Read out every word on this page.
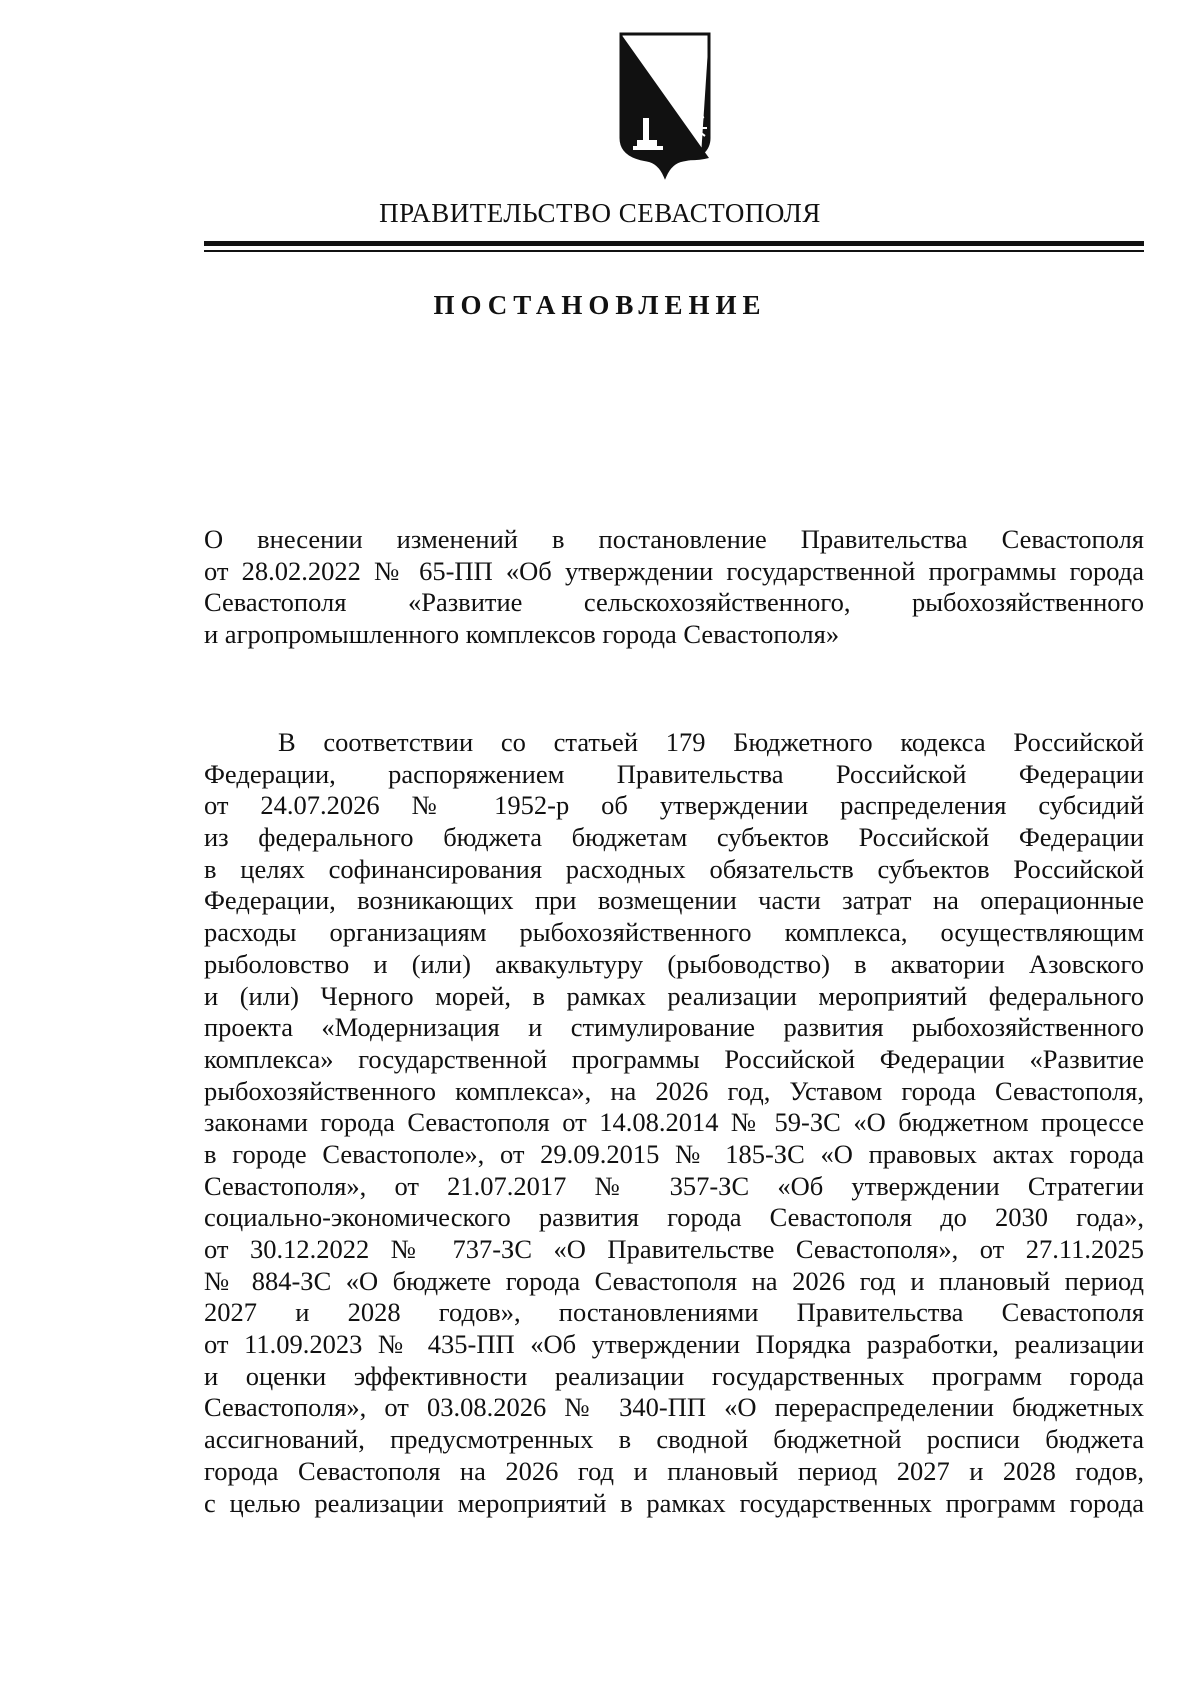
ПРАВИТЕЛЬСТВО СЕВАСТОПОЛЯ
ПОСТАНОВЛЕНИЕ
О внесении изменений в постановление Правительства Севастополя
от 28.02.2022 № 65-ПП «Об утверждении государственной программы города
Севастополя «Развитие сельскохозяйственного, рыбохозяйственного
и агропромышленного комплексов города Севастополя»
В соответствии со статьей 179 Бюджетного кодекса Российской
Федерации, распоряжением Правительства Российской Федерации
от 24.07.2026 № 1952-р об утверждении распределения субсидий
из федерального бюджета бюджетам субъектов Российской Федерации
в целях софинансирования расходных обязательств субъектов Российской
Федерации, возникающих при возмещении части затрат на операционные
расходы организациям рыбохозяйственного комплекса, осуществляющим
рыболовство и (или) аквакультуру (рыбоводство) в акватории Азовского
и (или) Черного морей, в рамках реализации мероприятий федерального
проекта «Модернизация и стимулирование развития рыбохозяйственного
комплекса» государственной программы Российской Федерации «Развитие
рыбохозяйственного комплекса», на 2026 год, Уставом города Севастополя,
законами города Севастополя от 14.08.2014 № 59-ЗС «О бюджетном процессе
в городе Севастополе», от 29.09.2015 № 185-ЗС «О правовых актах города
Севастополя», от 21.07.2017 № 357-ЗС «Об утверждении Стратегии
социально-экономического развития города Севастополя до 2030 года»,
от 30.12.2022 № 737-ЗС «О Правительстве Севастополя», от 27.11.2025
№ 884-ЗС «О бюджете города Севастополя на 2026 год и плановый период
2027 и 2028 годов», постановлениями Правительства Севастополя
от 11.09.2023 № 435-ПП «Об утверждении Порядка разработки, реализации
и оценки эффективности реализации государственных программ города
Севастополя», от 03.08.2026 № 340-ПП «О перераспределении бюджетных
ассигнований, предусмотренных в сводной бюджетной росписи бюджета
города Севастополя на 2026 год и плановый период 2027 и 2028 годов,
с целью реализации мероприятий в рамках государственных программ города
